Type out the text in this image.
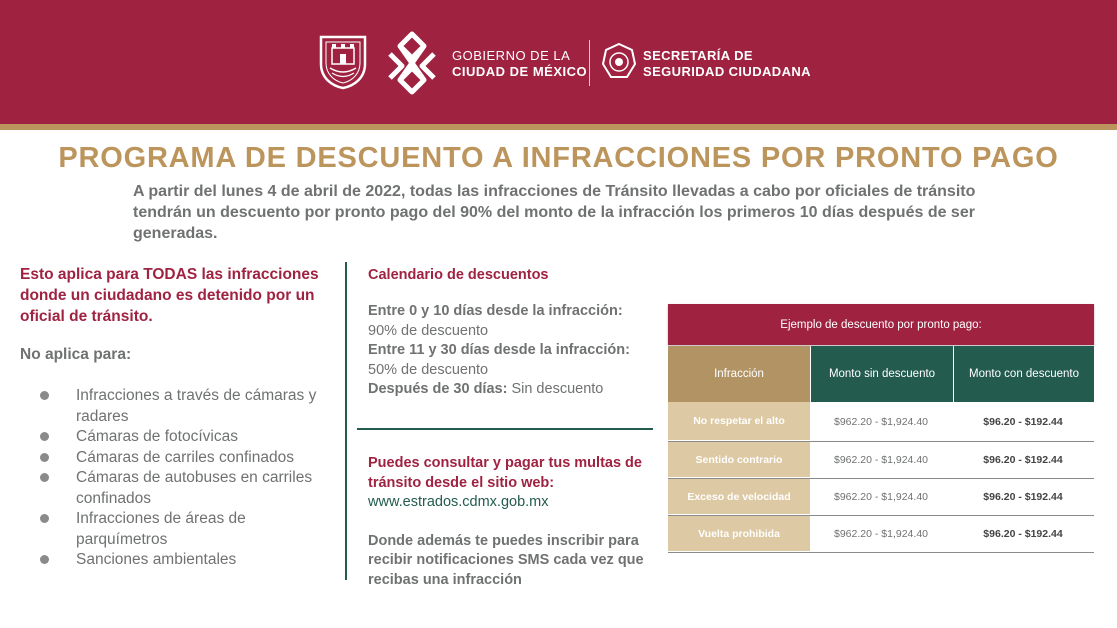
GOBIERNO DE LA
CIUDAD DE MÉXICO
SECRETARÍA DE
SEGURIDAD CIUDADANA
PROGRAMA DE DESCUENTO A INFRACCIONES POR PRONTO PAGO
A partir del lunes 4 de abril de 2022, todas las infracciones de Tránsito llevadas a cabo por oficiales de tránsito tendrán un descuento por pronto pago del 90% del monto de la infracción los primeros 10 días después de ser generadas.
Esto aplica para TODAS las infracciones
donde un ciudadano es detenido por un
oficial de tránsito.
No aplica para:
Infracciones a través de cámaras y radares
Cámaras de fotocívicas
Cámaras de carriles confinados
Cámaras de autobuses en carriles confinados
Infracciones de áreas de parquímetros
Sanciones ambientales
Calendario de descuentos
Entre 0 y 10 días desde la infracción:
90% de descuento
Entre 11 y 30 días desde la infracción:
50% de descuento
Después de 30 días: Sin descuento
Puedes consultar y pagar tus multas de
tránsito desde el sitio web:
www.estrados.cdmx.gob.mx
Donde además te puedes inscribir para
recibir notificaciones SMS cada vez que
recibas una infracción
Ejemplo de descuento por pronto pago:
Infracción	Monto sin descuento	Monto con descuento
No respetar el alto	$962.20 - $1,924.40	$96.20 - $192.44
Sentido contrario	$962.20 - $1,924.40	$96.20 - $192.44
Exceso de velocidad	$962.20 - $1,924.40	$96.20 - $192.44
Vuelta prohibida	$962.20 - $1,924.40	$96.20 - $192.44
